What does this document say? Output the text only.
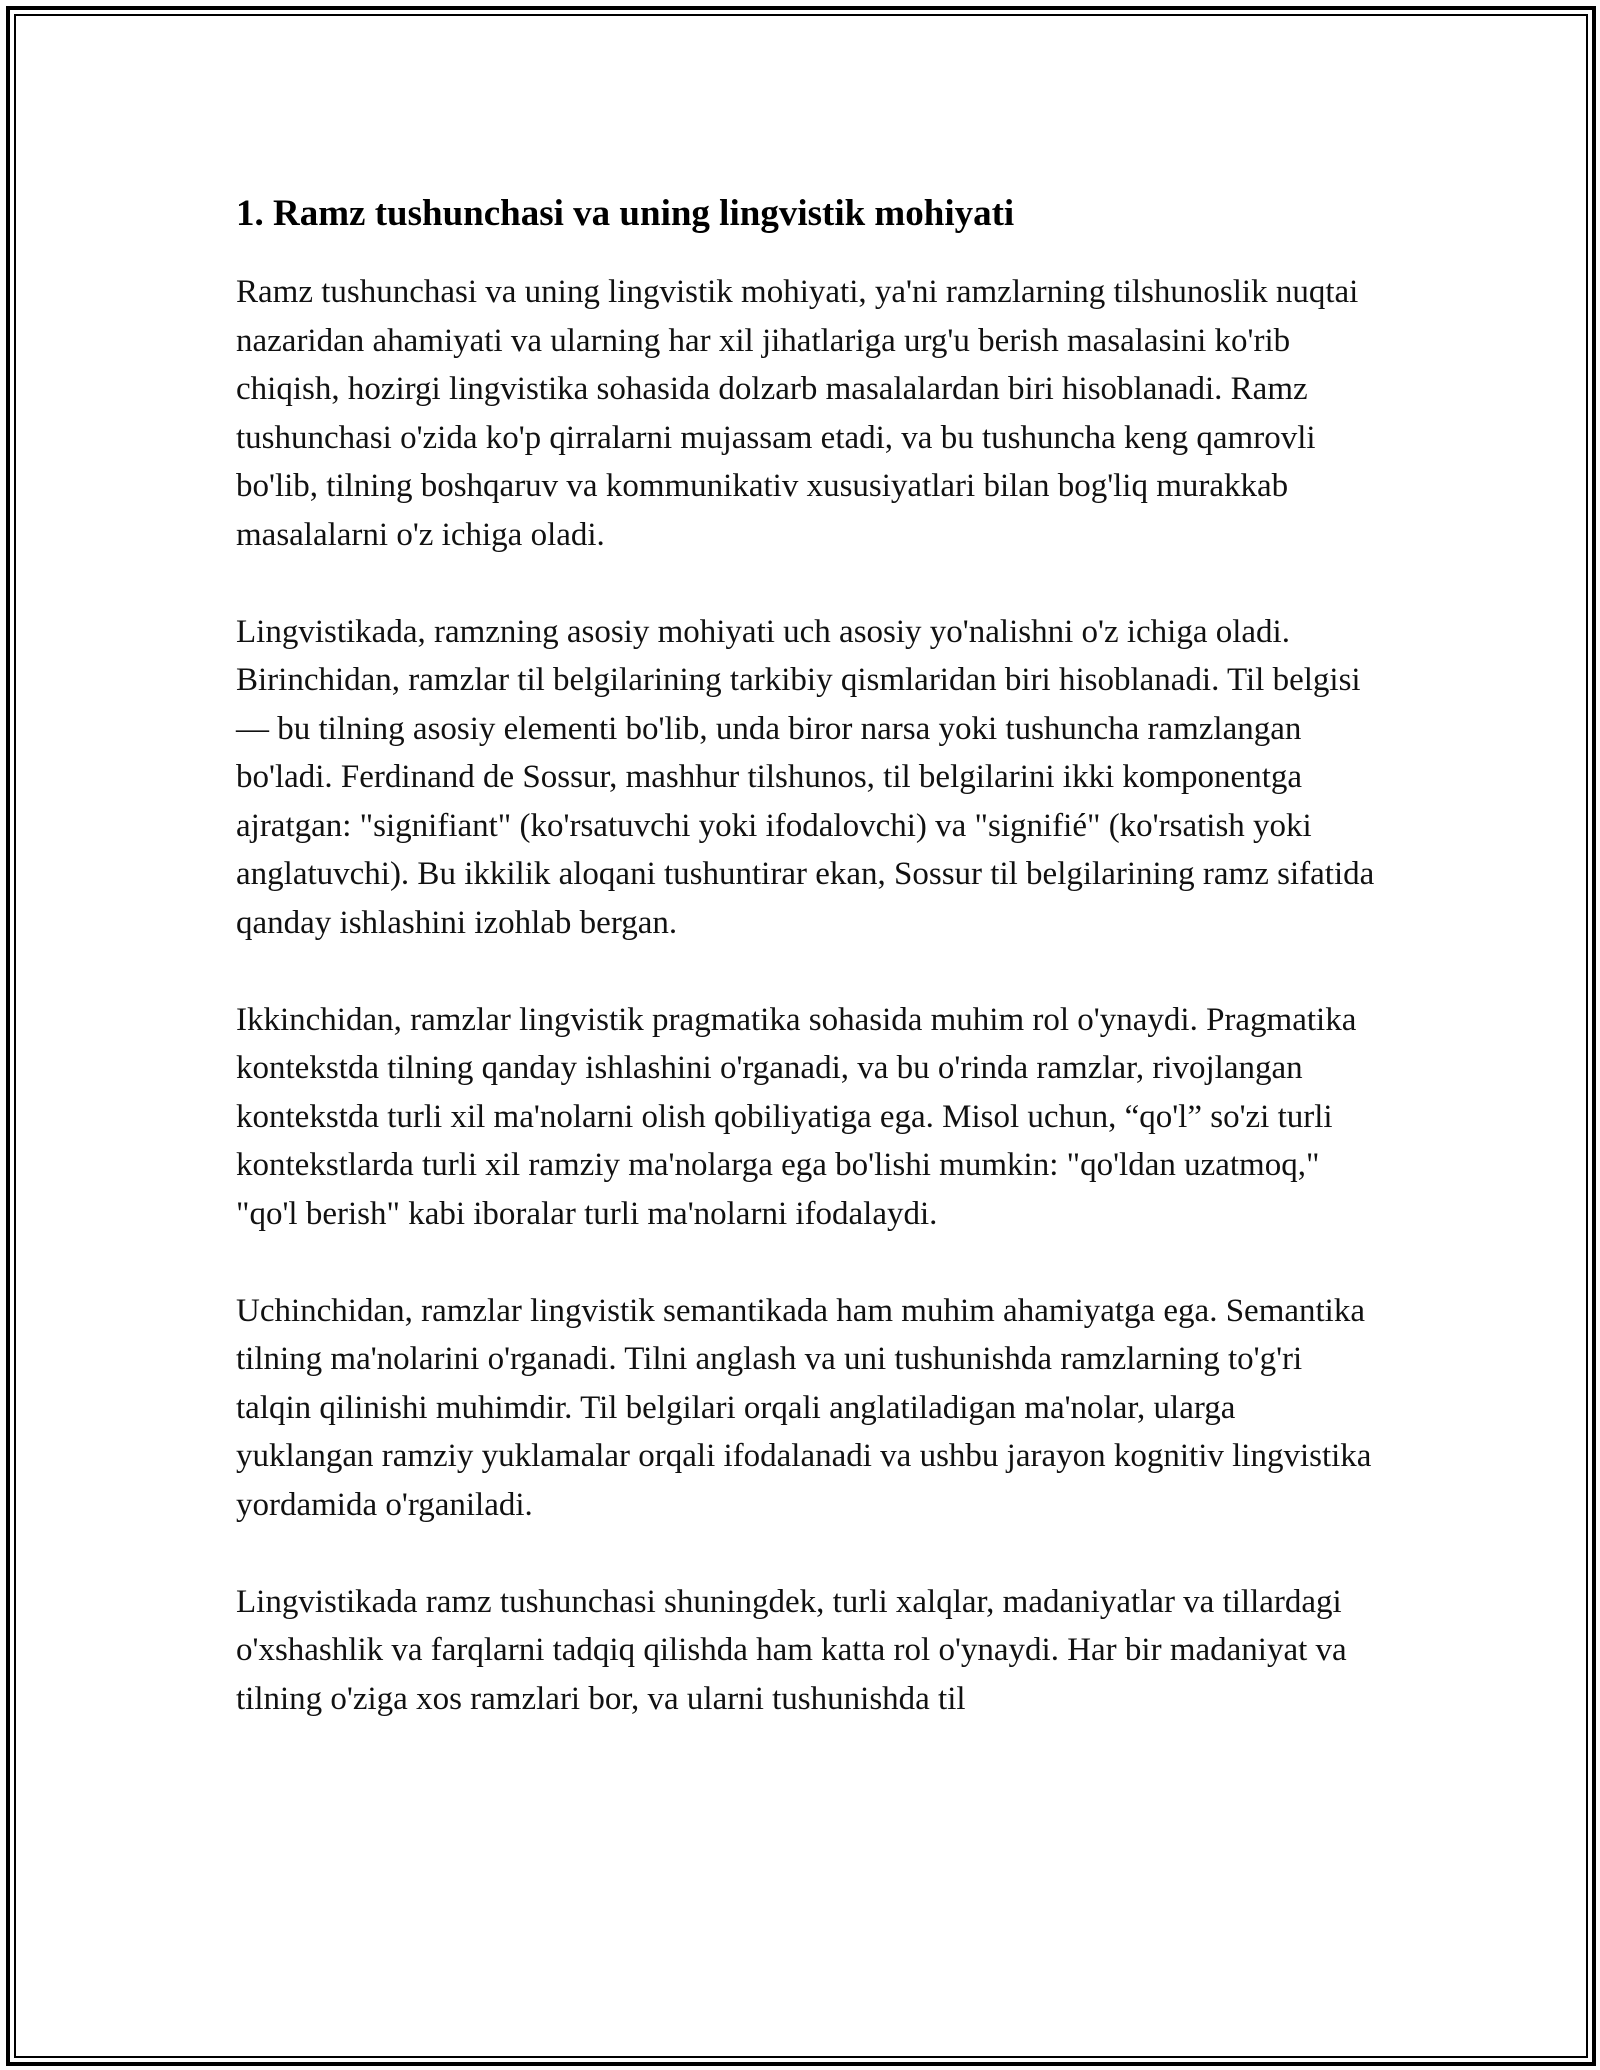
1. Ramz tushunchasi va uning lingvistik mohiyati

Ramz tushunchasi va uning lingvistik mohiyati, ya'ni ramzlarning tilshunoslik nuqtai nazaridan ahamiyati va ularning har xil jihatlariga urg'u berish masalasini ko'rib chiqish, hozirgi lingvistika sohasida dolzarb masalalardan biri hisoblanadi. Ramz tushunchasi o'zida ko'p qirralarni mujassam etadi, va bu tushuncha keng qamrovli bo'lib, tilning boshqaruv va kommunikativ xususiyatlari bilan bog'liq murakkab masalalarni o'z ichiga oladi.

Lingvistikada, ramzning asosiy mohiyati uch asosiy yo'nalishni o'z ichiga oladi. Birinchidan, ramzlar til belgilarining tarkibiy qismlaridan biri hisoblanadi. Til belgisi — bu tilning asosiy elementi bo'lib, unda biror narsa yoki tushuncha ramzlangan bo'ladi. Ferdinand de Sossur, mashhur tilshunos, til belgilarini ikki komponentga ajratgan: "signifiant" (ko'rsatuvchi yoki ifodalovchi) va "signifié" (ko'rsatish yoki anglatuvchi). Bu ikkilik aloqani tushuntirar ekan, Sossur til belgilarining ramz sifatida qanday ishlashini izohlab bergan.

Ikkinchidan, ramzlar lingvistik pragmatika sohasida muhim rol o'ynaydi. Pragmatika kontekstda tilning qanday ishlashini o'rganadi, va bu o'rinda ramzlar, rivojlangan kontekstda turli xil ma'nolarni olish qobiliyatiga ega. Misol uchun, “qo'l” so'zi turli kontekstlarda turli xil ramziy ma'nolarga ega bo'lishi mumkin: "qo'ldan uzatmoq," "qo'l berish" kabi iboralar turli ma'nolarni ifodalaydi.

Uchinchidan, ramzlar lingvistik semantikada ham muhim ahamiyatga ega. Semantika tilning ma'nolarini o'rganadi. Tilni anglash va uni tushunishda ramzlarning to'g'ri talqin qilinishi muhimdir. Til belgilari orqali anglatiladigan ma'nolar, ularga yuklangan ramziy yuklamalar orqali ifodalanadi va ushbu jarayon kognitiv lingvistika yordamida o'rganiladi.

Lingvistikada ramz tushunchasi shuningdek, turli xalqlar, madaniyatlar va tillardagi o'xshashlik va farqlarni tadqiq qilishda ham katta rol o'ynaydi. Har bir madaniyat va tilning o'ziga xos ramzlari bor, va ularni tushunishda til
